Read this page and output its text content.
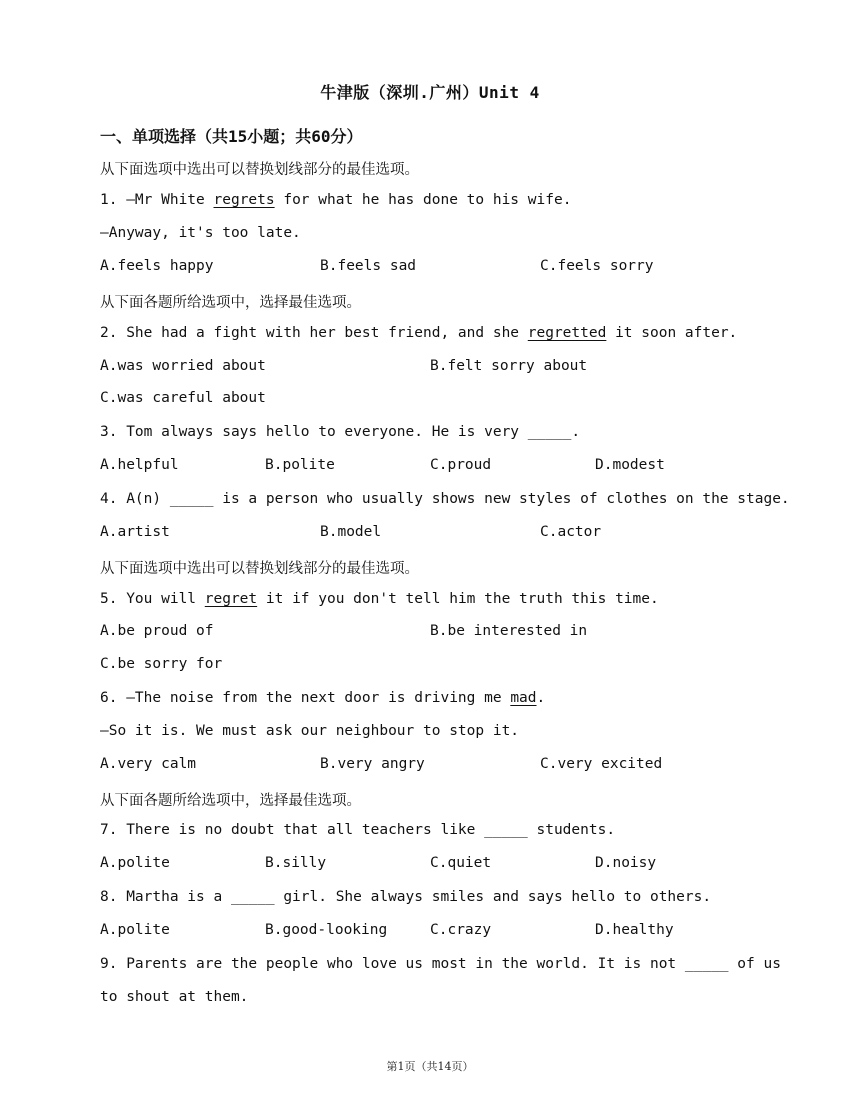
牛津版（深圳.广州）Unit 4
一、单项选择（共15小题；共60分）
从下面选项中选出可以替换划线部分的最佳选项。
1. —Mr White regrets for what he has done to his wife.
—Anyway, it's too late.
A.feels happy	B.feels sad	C.feels sorry
从下面各题所给选项中，选择最佳选项。
2. She had a fight with her best friend, and she regretted it soon after.
A.was worried about	B.felt sorry about
C.was careful about
3. Tom always says hello to everyone. He is very _____.
A.helpful	B.polite	C.proud	D.modest
4. A(n) _____ is a person who usually shows new styles of clothes on the stage.
A.artist	B.model	C.actor
从下面选项中选出可以替换划线部分的最佳选项。
5. You will regret it if you don't tell him the truth this time.
A.be proud of	B.be interested in
C.be sorry for
6. —The noise from the next door is driving me mad.
—So it is. We must ask our neighbour to stop it.
A.very calm	B.very angry	C.very excited
从下面各题所给选项中，选择最佳选项。
7. There is no doubt that all teachers like _____ students.
A.polite	B.silly	C.quiet	D.noisy
8. Martha is a _____ girl. She always smiles and says hello to others.
A.polite	B.good-looking	C.crazy	D.healthy
9. Parents are the people who love us most in the world. It is not _____ of us
to shout at them.
第1页（共14页）
